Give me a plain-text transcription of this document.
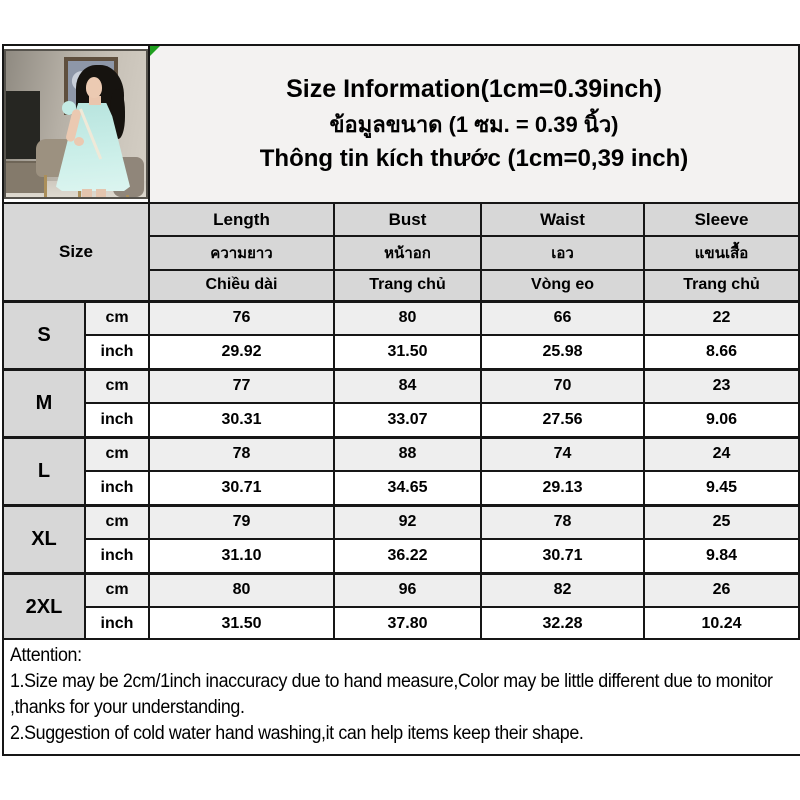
		Size Information(1cm=0.39inch)
ข้อมูลขนาด (1 ซม. = 0.39 นิ้ว)
Thông tin kích thước (1cm=0,39 inch)			

Size		Length	Bust	Waist	Sleeve
		ความยาว	หน้าอก	เอว	แขนเสื้อ
		Chiều dài	Trang chủ	Vòng eo	Trang chủ
S	cm	76	80	66	22
	inch	29.92	31.50	25.98	8.66
M	cm	77	84	70	23
	inch	30.31	33.07	27.56	9.06
L	cm	78	88	74	24
	inch	30.71	34.65	29.13	9.45
XL	cm	79	92	78	25
	inch	31.10	36.22	30.71	9.84
2XL	cm	80	96	82	26
	inch	31.50	37.80	32.28	10.24
Attention:
1.Size may be 2cm/1inch inaccuracy due to hand measure,Color may be little different due to monitor
,thanks for your understanding.
2.Suggestion of cold water hand washing,it can help items keep their shape.
